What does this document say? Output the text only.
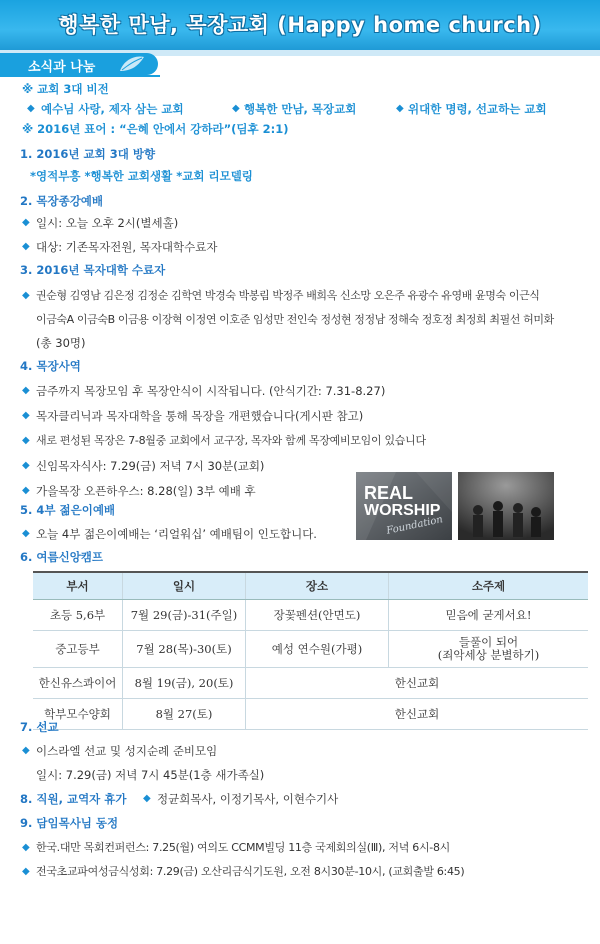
행복한 만남, 목장교회 (Happy home church)
소식과 나눔
※ 교회 3대 비전
◆ 예수님 사랑, 제자 삼는 교회	◆ 행복한 만남, 목장교회	◆ 위대한 명령, 선교하는 교회
※ 2016년 표어 : “은혜 안에서 강하라”(딤후 2:1)
1. 2016년 교회 3대 방향
*영적부흥 *행복한 교회생활 *교회 리모델링
2. 목장종강예배
◆ 일시: 오늘 오후 2시(별세홀)
◆ 대상: 기존목자전원, 목자대학수료자
3. 2016년 목자대학 수료자
◆ 권순형 김영남 김은정 김정순 김학연 박경숙 박봉림 박정주 배희옥 신소망 오은주 유광수 유영배 윤명숙 이근식
이금숙A 이금숙B 이금용 이장혁 이정연 이호준 임성만 전인숙 정성현 정정남 정해숙 정호정 최정희 최필선 허미화
(총 30명)
4. 목장사역
◆ 금주까지 목장모임 후 목장안식이 시작됩니다. (안식기간: 7.31-8.27)
◆ 목자클리닉과 목자대학을 통해 목장을 개편했습니다(게시판 참고)
◆ 새로 편성된 목장은 7-8월중 교회에서 교구장, 목자와 함께 목장예비모임이 있습니다
◆ 신임목자식사: 7.29(금) 저녁 7시 30분(교회)
◆ 가을목장 오픈하우스: 8.28(일) 3부 예배 후	REAL
WORSHIP
Foundation
5. 4부 젊은이예배
◆ 오늘 4부 젊은이예배는 ‘리얼워십’ 예배팀이 인도합니다.
6. 여름신앙캠프
부서	일시	장소	소주제
초등 5,6부	7월 29(금)-31(주일)	장꽃펜션(안면도)	믿음에 굳게서요!
중고등부	7월 28(목)-30(토)	예성 연수원(가평)	들풀이 되어
(죄악세상 분별하기)
한신유스콰이어	8월 19(금), 20(토)	한신교회	
학부모수양회	8월 27(토)	한신교회	
7. 선교
◆ 이스라엘 선교 및 성지순례 준비모임
일시: 7.29(금) 저녁 7시 45분(1층 새가족실)
8. 직원, 교역자 휴가 ◆ 정균희목사, 이정기목사, 이현수기사
9. 담임목사님 동정
◆ 한국.대만 목회컨퍼런스: 7.25(월) 여의도 CCMM빌딩 11층 국제회의실(Ⅲ), 저녁 6시-8시
◆ 전국초교파여성금식성회: 7.29(금) 오산리금식기도원, 오전 8시30분-10시, (교회출발 6:45)
